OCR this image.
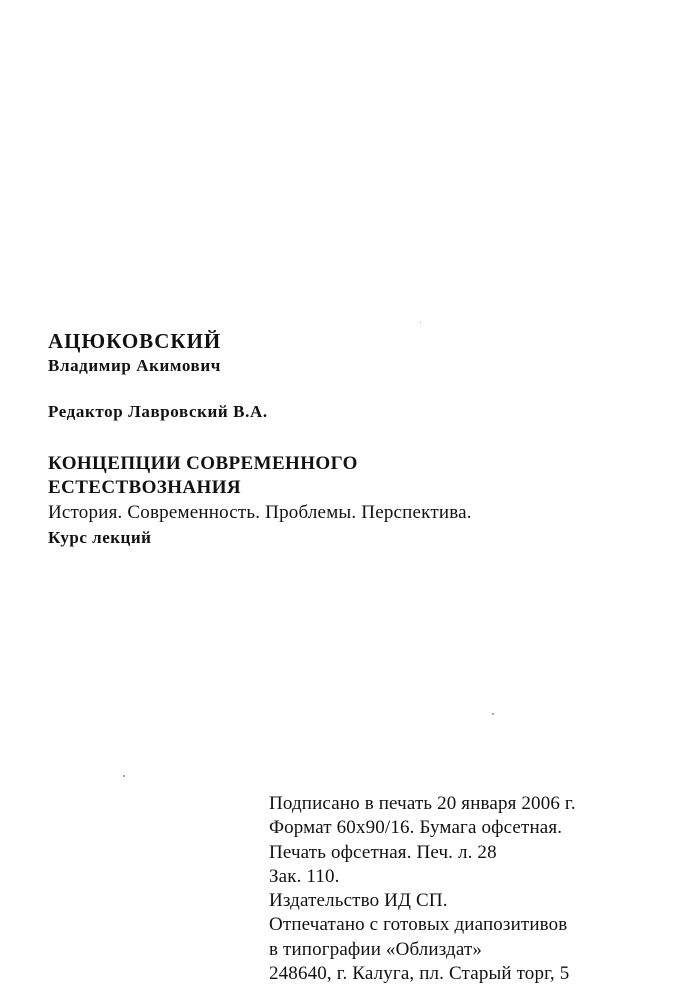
АЦЮКОВСКИЙ
Владимир Акимович
Редактор Лавровский В.А.
КОНЦЕПЦИИ СОВРЕМЕННОГО
ЕСТЕСТВОЗНАНИЯ
История. Современность. Проблемы. Перспектива.
Курс лекций
Подписано в печать 20 января 2006 г.
Формат 60х90/16. Бумага офсетная.
Печать офсетная. Печ. л. 28
Зак. 110.
Издательство ИД СП.
Отпечатано с готовых диапозитивов
в типографии «Облиздат»
248640, г. Калуга, пл. Старый торг, 5
